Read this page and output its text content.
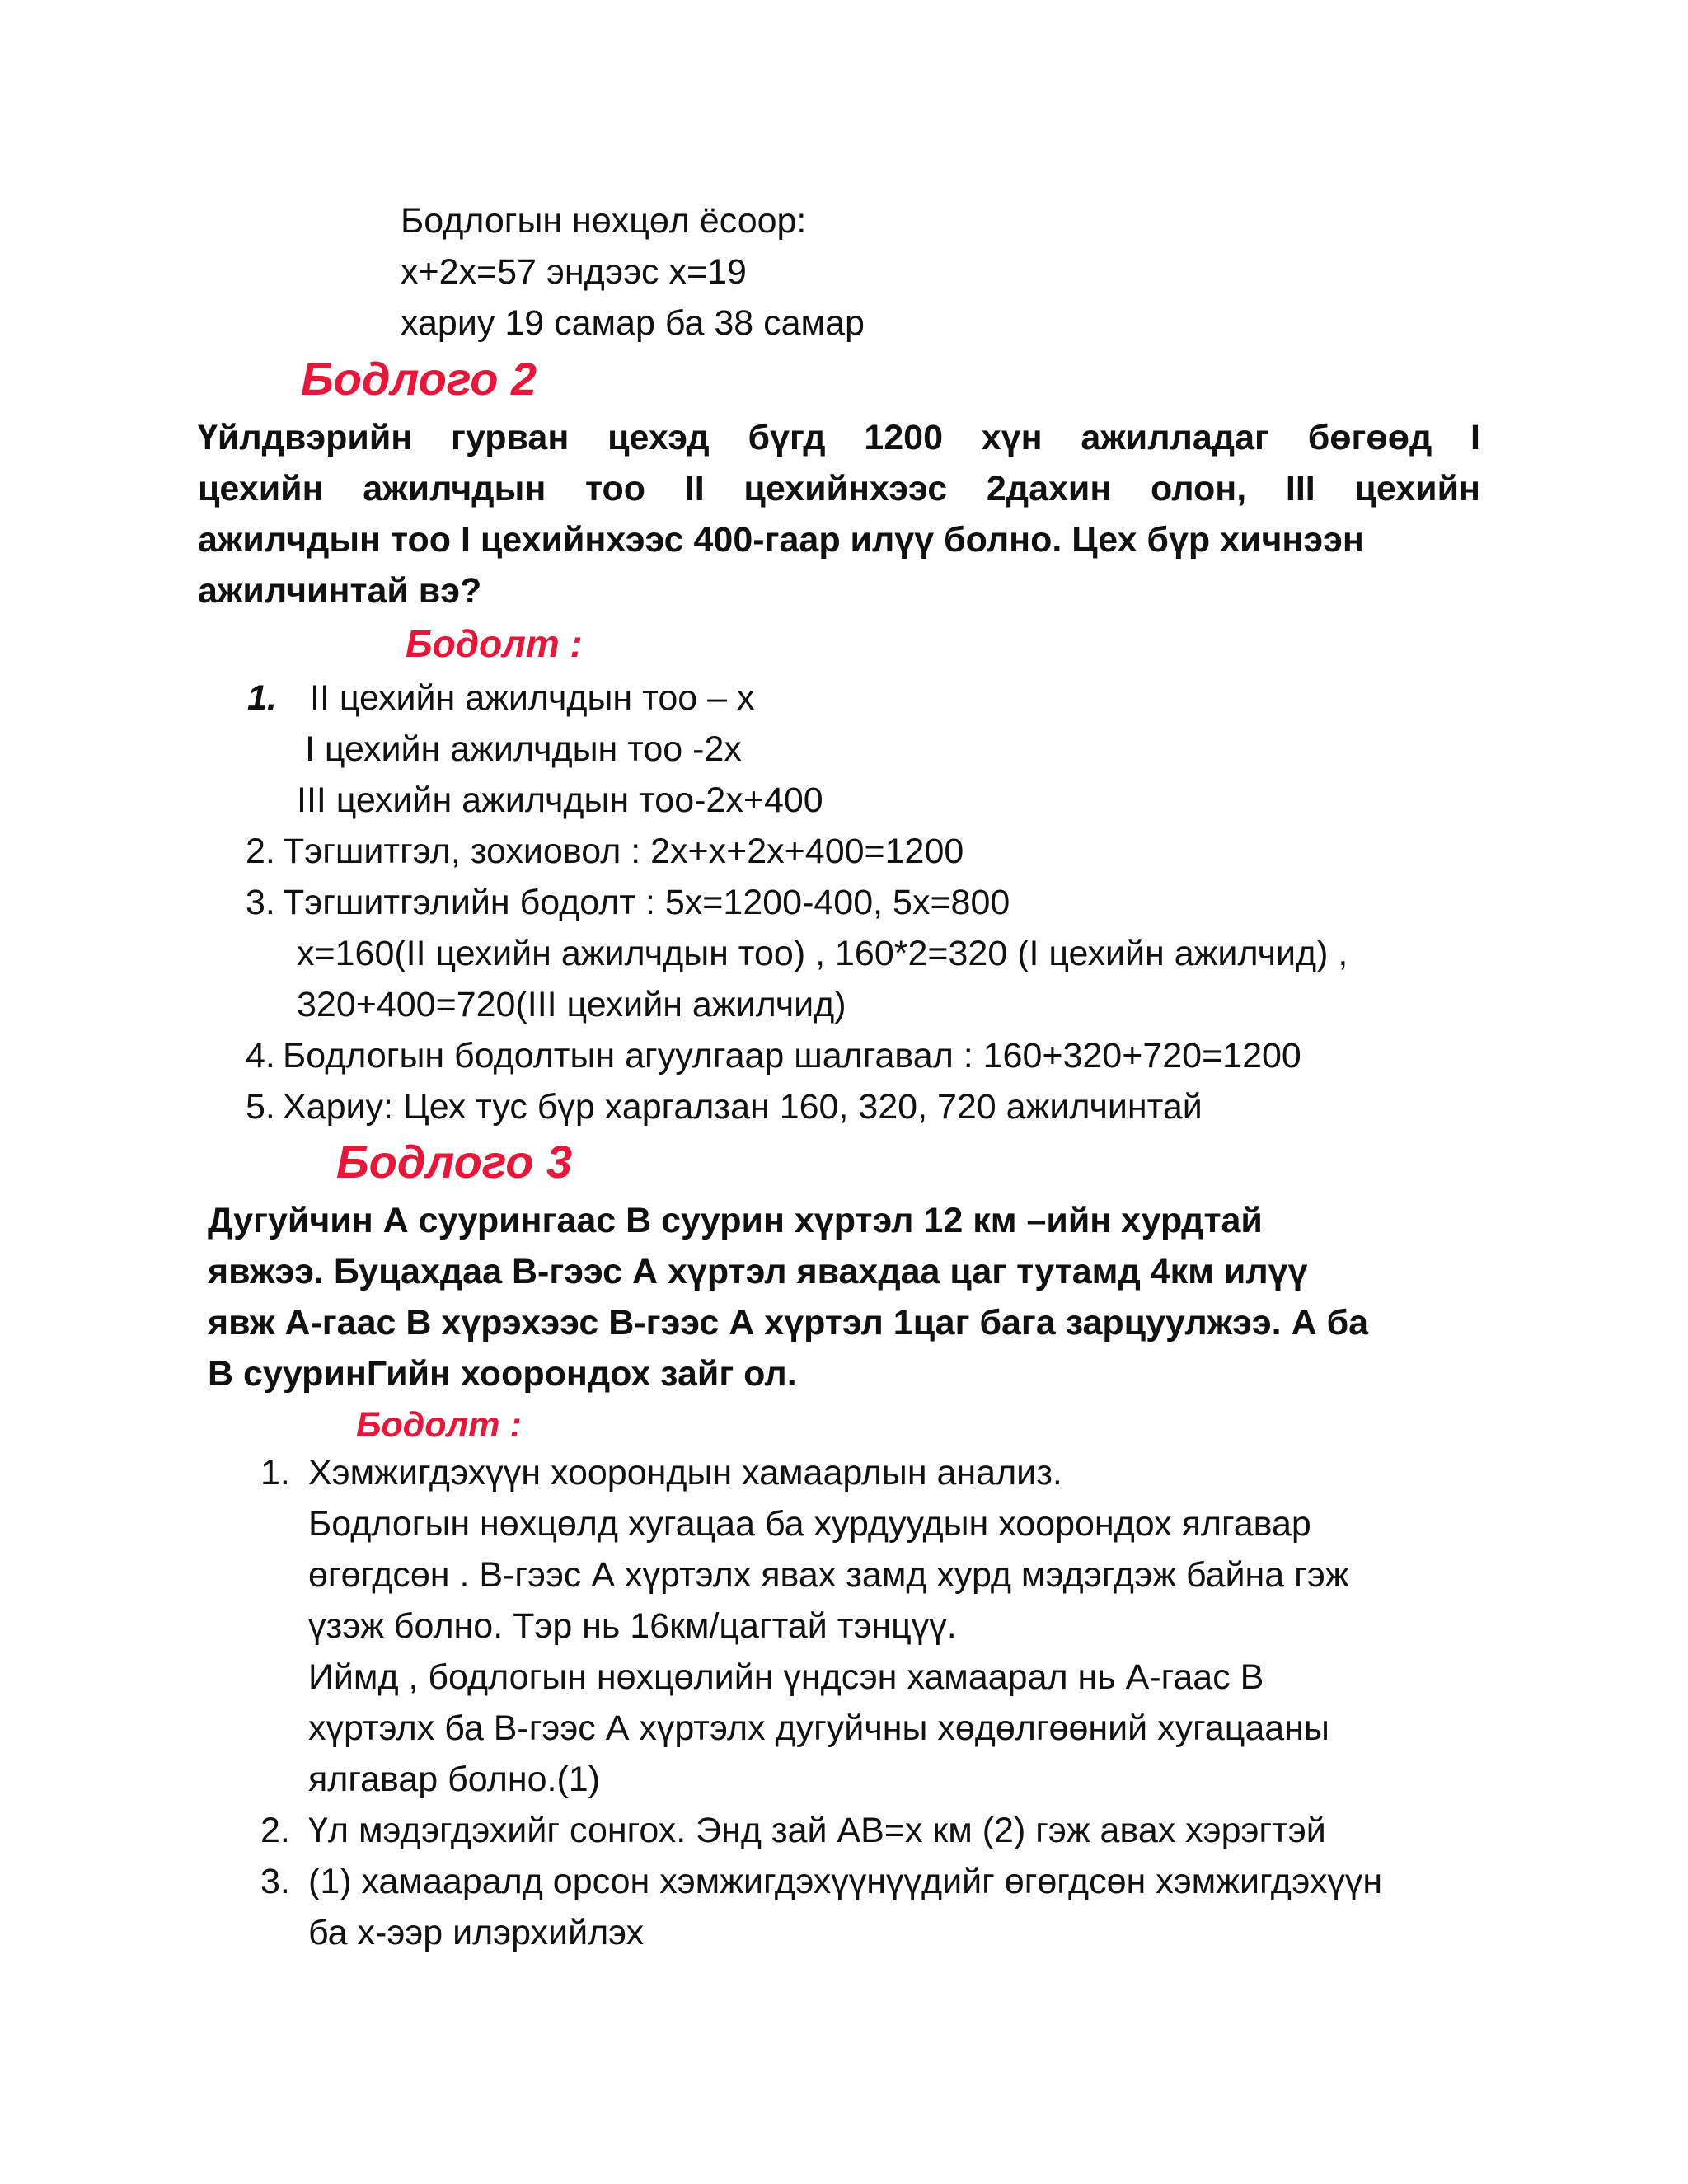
Бодлогын нөхцөл ёсоор:

x+2x=57 эндээс x=19

хариу 19 самар ба 38 самар

Бодлого 2

Үйлдвэрийн гурван цехэд бүгд 1200 хүн ажилладаг бөгөөд I

цехийн ажилчдын тоо II цехийнхээс 2дахин олон, III цехийн

ажилчдын тоо I цехийнхээс 400-гаар илүү болно. Цех бүр хичнээн

ажилчинтай вэ?

Бодолт :

1. II цехийн ажилчдын тоо – x

I цехийн ажилчдын тоо -2x

III цехийн ажилчдын тоо-2x+400

2. Тэгшитгэл, зохиовол : 2x+x+2x+400=1200

3. Тэгшитгэлийн бодолт : 5x=1200-400, 5x=800

x=160(II цехийн ажилчдын тоо) , 160*2=320 (I цехийн ажилчид) ,

320+400=720(III цехийн ажилчид)

4. Бодлогын бодолтын агуулгаар шалгавал : 160+320+720=1200

5. Хариу: Цех тус бүр харгалзан 160, 320, 720 ажилчинтай

Бодлого 3

Дугуйчин А суурингаас В суурин хүртэл 12 км –ийн хурдтай

явжээ. Буцахдаа В-гээс А хүртэл явахдаа цаг тутамд 4км илүү

явж А-гаас В хүрэхээс В-гээс А хүртэл 1цаг бага зарцуулжээ. А ба

В сууринГийн хоорондох зайг ол.

Бодолт :

1. Хэмжигдэхүүн хоорондын хамаарлын анализ.

Бодлогын нөхцөлд хугацаа ба хурдуудын хоорондох ялгавар

өгөгдсөн . В-гээс А хүртэлх явах замд хурд мэдэгдэж байна гэж

үзэж болно. Тэр нь 16км/цагтай тэнцүү.

Иймд , бодлогын нөхцөлийн үндсэн хамаарал нь А-гаас В

хүртэлх ба В-гээс А хүртэлх дугуйчны хөдөлгөөний хугацааны

ялгавар болно.(1)

2. Үл мэдэгдэхийг сонгох. Энд зай АВ=x км (2) гэж авах хэрэгтэй

3. (1) хамааралд орсон хэмжигдэхүүнүүдийг өгөгдсөн хэмжигдэхүүн

ба x-ээр илэрхийлэх
